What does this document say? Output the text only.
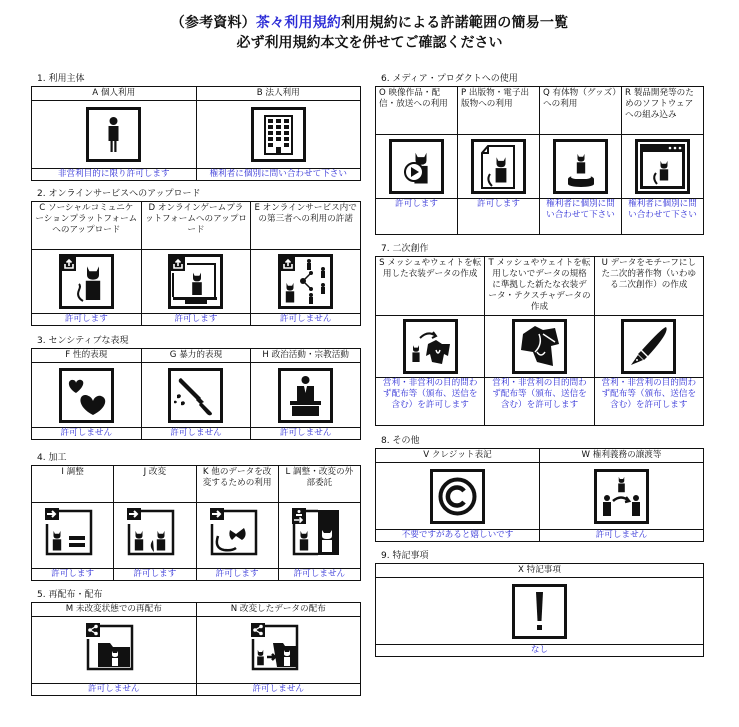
（参考資料）茶々利用規約利用規約による許諾範囲の簡易一覧
必ず利用規約本文を併せてご確認ください
1. 利用主体
A 個人利用	B 法人利用

非営利目的に限り許可します	権利者に個別に問い合わせて下さい
2. オンラインサービスへのアップロード
C ソーシャルコミュニケーションプラットフォームへのアップロード	D オンラインゲームプラットフォームへのアップロード	E オンラインサービス内での第三者への利用の許諾

許可します	許可します	許可しません
3. センシティブな表現
F 性的表現	G 暴力的表現	H 政治活動・宗教活動

許可しません	許可しません	許可しません
4. 加工
I 調整	J 改変	K 他のデータを改変するための利用	L 調整・改変の外部委託

許可します	許可します	許可します	許可しません
5. 再配布・配布
M 未改変状態での再配布	N 改変したデータの配布

許可しません	許可しません
6. メディア・プロダクトへの使用
O 映像作品・配信・放送への利用	P 出版物・電子出版物への利用	Q 有体物（グッズ）への利用	R 製品開発等のためのソフトウェアへの組み込み

許可します	許可します	権利者に個別に問い合わせて下さい	権利者に個別に問い合わせて下さい
7. 二次創作
S メッシュやウェイトを転用した衣装データの作成	T メッシュやウェイトを転用しないでデータの規格に準拠した新たな衣装データ・テクスチャデータの作成	U データをモチーフにした二次的著作物（いわゆる二次創作）の作成

営利・非営利の目的問わず配布等（頒布、送信を含む）を許可します	営利・非営利の目的問わず配布等（頒布、送信を含む）を許可します	営利・非営利の目的問わず配布等（頒布、送信を含む）を許可します
8. その他
V クレジット表記	W 権利義務の譲渡等

不要ですがあると嬉しいです	許可しません
9. 特記事項
X 特記事項

なし
